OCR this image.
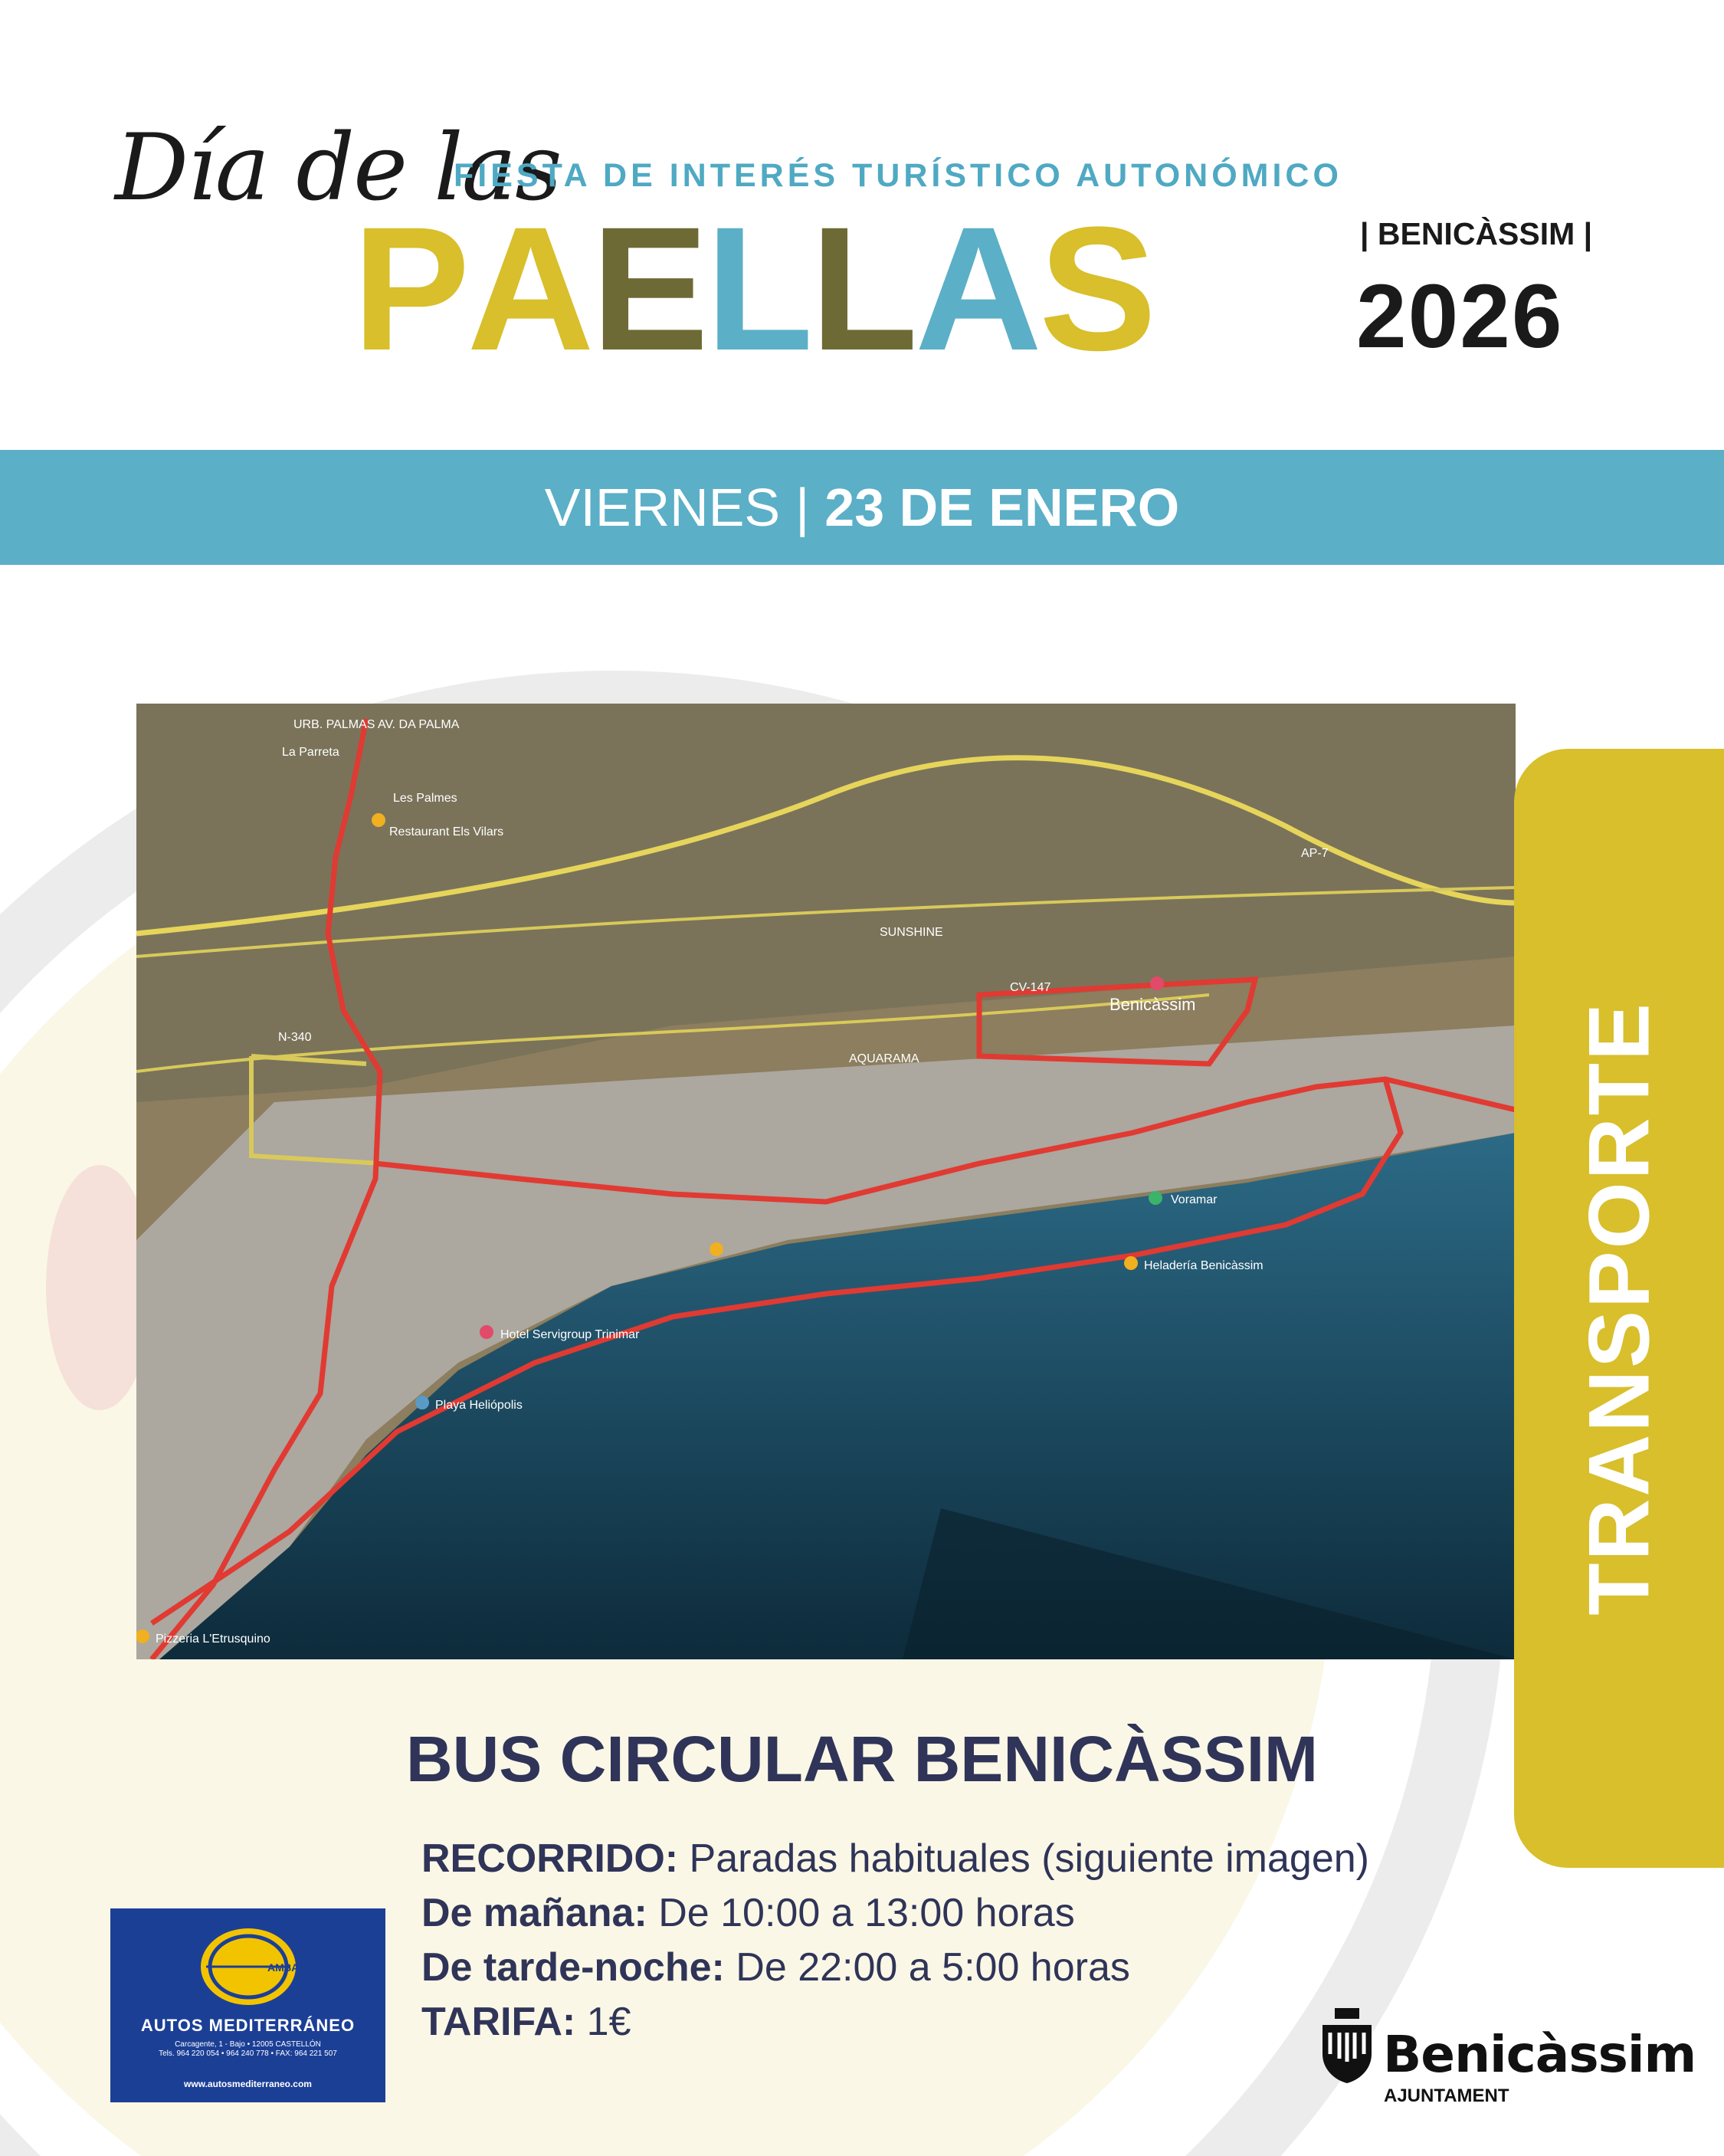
Día de las
FIESTA DE INTERÉS TURÍSTICO AUTONÓMICO
PAELLAS	| BENICÀSSIM |
2026
VIERNES | 23 DE ENERO
URB. PALMAS AV. DA PALMA
La Parreta
Les Palmes
Restaurant Els Vilars
AP-7
N-340
CV-147
SUNSHINE
AQUARAMA
Benicàssim
Hotel Servigroup Trinimar
Playa Heliópolis
Pizzeria L'Etrusquino
Heladería Benicàssim
Voramar	TRANSPORTE
BUS CIRCULAR BENICÀSSIM
RECORRIDO: Paradas habituales (siguiente imagen)
De mañana: De 10:00 a 13:00 horas
De tarde-noche: De 22:00 a 5:00 horas
TARIFA: 1€
AMSA
AUTOS MEDITERRÁNEO
Carcagente, 1 - Bajo • 12005 CASTELLÓN
Tels. 964 220 054 • 964 240 778 • FAX: 964 221 507
www.autosmediterraneo.com	Benicàssim
AJUNTAMENT
